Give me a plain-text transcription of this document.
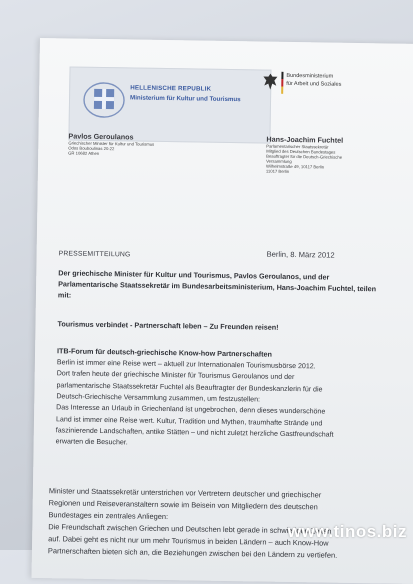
HELLENISCHE REPUBLIK
Ministerium für Kultur und Tourismus
Bundesministerium
für Arbeit und Soziales
Pavlos Geroulanos
Griechischer Minister für Kultur und Tourismus
Odos Bouboulinas 20-22
GR 10682 Athen
Hans-Joachim Fuchtel
Parlamentarischer Staatssekretär
Mitglied des Deutschen Bundestages
Beauftragter für die Deutsch-Griechische
Versammlung
Wilhelmstraße 49, 10117 Berlin
11017 Berlin
Berlin, 8. März 2012
PRESSEMITTEILUNG
Der griechische Minister für Kultur und Tourismus, Pavlos Geroulanos, und der Parlamentarische Staatssekretär im Bundesarbeitsministerium, Hans-Joachim Fuchtel, teilen mit:
Tourismus verbindet - Partnerschaft leben – Zu Freunden reisen!
ITB-Forum für deutsch-griechische Know-how Partnerschaften
Berlin ist immer eine Reise wert – aktuell zur Internationalen Tourismusbörse 2012.
Dort trafen heute der griechische Minister für Tourismus Geroulanos und der
parlamentarische Staatssekretär Fuchtel als Beauftragter der Bundeskanzlerin für die
Deutsch-Griechische Versammlung zusammen, um festzustellen:
Das Interesse an Urlaub in Griechenland ist ungebrochen, denn dieses wunderschöne
Land ist immer eine Reise wert. Kultur, Tradition und Mythen, traumhafte Strände und
faszinierende Landschaften, antike Stätten – und nicht zuletzt herzliche Gastfreundschaft
erwarten die Besucher.
Minister und Staatssekretär unterstrichen vor Vertretern deutscher und griechischer
Regionen und Reiseveranstaltern sowie im Beisein von Mitgliedern des deutschen
Bundestages ein zentrales Anliegen:
Die Freundschaft zwischen Griechen und Deutschen lebt gerade in schwierigen Zeiten
auf. Dabei geht es nicht nur um mehr Tourismus in beiden Ländern – auch Know-How
Partnerschaften bieten sich an, die Beziehungen zwischen bei den Ländern zu vertiefen.
www.tinos.biz
